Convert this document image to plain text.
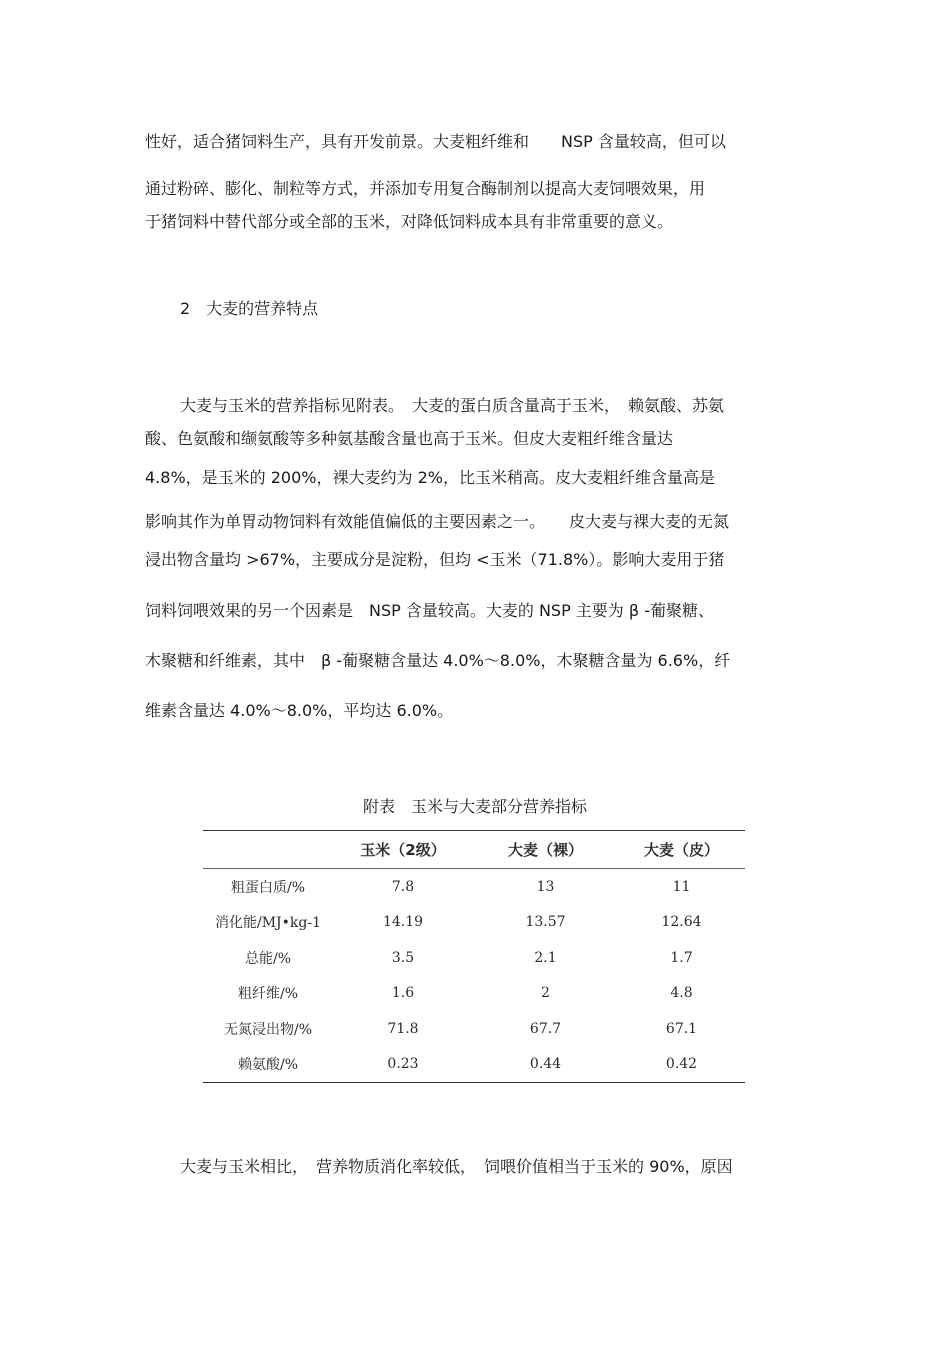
性好，适合猪饲料生产，具有开发前景。大麦粗纤维和　　NSP 含量较高，但可以

通过粉碎、膨化、制粒等方式，并添加专用复合酶制剂以提高大麦饲喂效果，用

于猪饲料中替代部分或全部的玉米，对降低饲料成本具有非常重要的意义。

2　大麦的营养特点

大麦与玉米的营养指标见附表。　大麦的蛋白质含量高于玉米，　赖氨酸、苏氨

酸、色氨酸和缬氨酸等多种氨基酸含量也高于玉米。但皮大麦粗纤维含量达

4.8%，是玉米的 200%，裸大麦约为 2%，比玉米稍高。皮大麦粗纤维含量高是

影响其作为单胃动物饲料有效能值偏低的主要因素之一。　　皮大麦与裸大麦的无氮

浸出物含量均 >67%，主要成分是淀粉，但均 <玉米（71.8%）。影响大麦用于猪

饲料饲喂效果的另一个因素是　NSP 含量较高。大麦的 NSP 主要为 β -葡聚糖、

木聚糖和纤维素，其中　β -葡聚糖含量达 4.0%～8.0%，木聚糖含量为 6.6%，纤

维素含量达 4.0%～8.0%，平均达 6.0%。

附表　玉米与大麦部分营养指标
	玉米（2级）	大麦（裸）	大麦（皮）
粗蛋白质/%	7.8	13	11
消化能/MJ•kg-1	14.19	13.57	12.64
总能/%	3.5	2.1	1.7
粗纤维/%	1.6	2	4.8
无氮浸出物/%	71.8	67.7	67.1
赖氨酸/%	0.23	0.44	0.42

大麦与玉米相比，　营养物质消化率较低，　饲喂价值相当于玉米的 90%，原因
